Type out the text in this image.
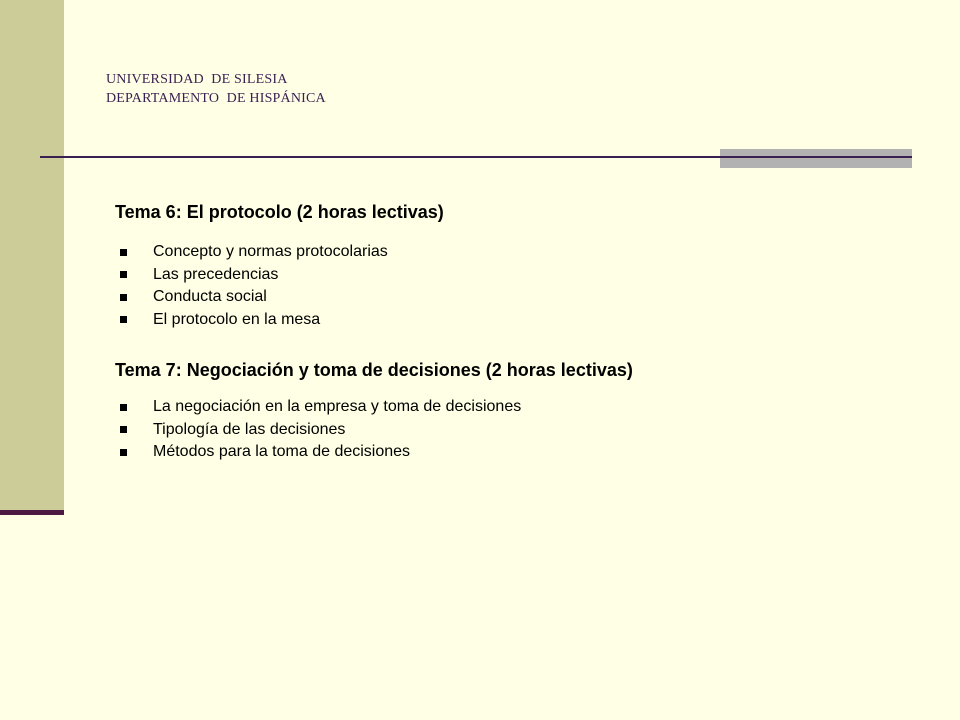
UNIVERSIDAD  DE SILESIA
DEPARTAMENTO  DE HISPÁNICA
Tema 6: El protocolo (2 horas lectivas)
Concepto y normas protocolarias
Las precedencias
Conducta social
El protocolo en la mesa
Tema 7: Negociación y toma de decisiones (2 horas lectivas)
La negociación en la empresa y toma de decisiones
Tipología de las decisiones
Métodos para la toma de decisiones
